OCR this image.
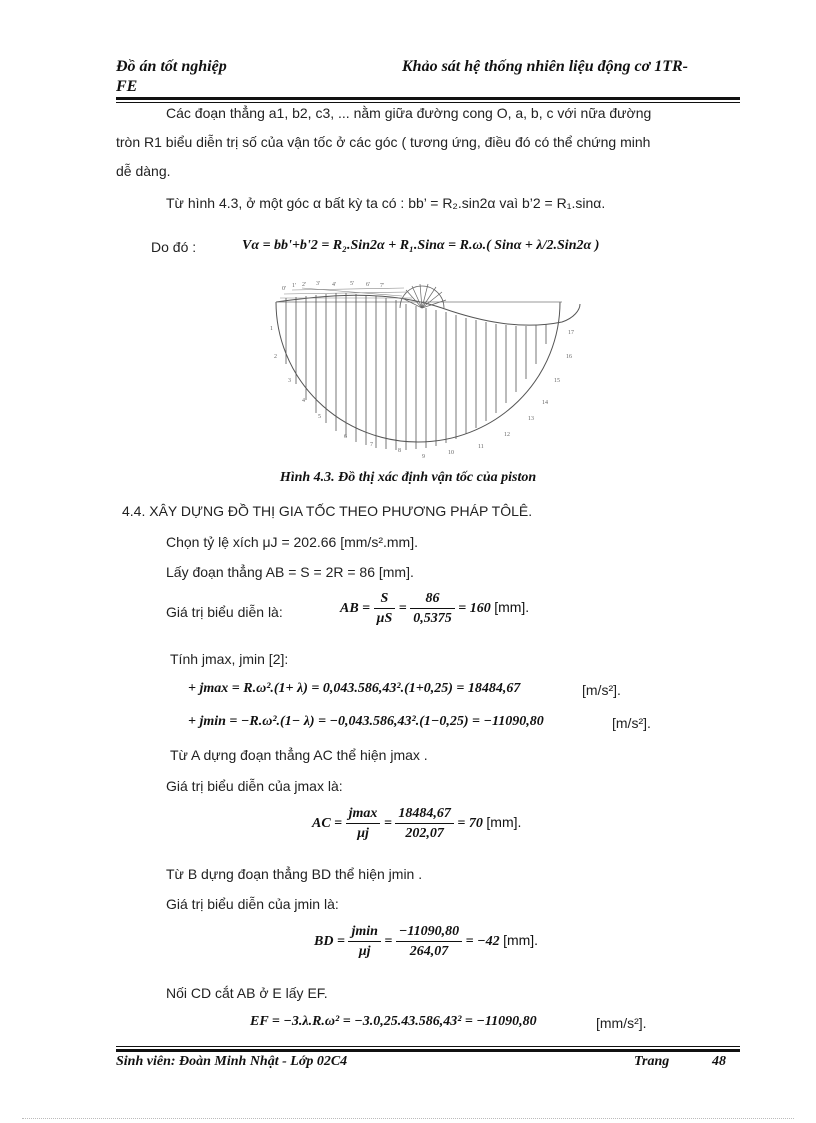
Đồ án tốt nghiệp
FE
Khảo sát hệ thống nhiên liệu động cơ 1TR-
Các đoạn thẳng a1, b2, c3, ... nằm giữa đường cong O, a, b, c với nữa đường
tròn R1 biểu diễn trị số của vận tốc ở các góc ( tương ứng, điều đó có thể chứng minh
dễ dàng.
Từ hình 4.3, ở một góc α bất kỳ ta có : bb’ = R₂.sin2α vaì b’2 = R₁.sinα.
Do đó :	Vα = bb'+b'2 = R₂.Sin2α + R₁.Sinα = R.ω.( Sinα + λ/2.Sin2α )
0' 1' 2' 3' 4' 5' 6' 7'
1
2
3
4
5
6
7
8
9
10
11
12
13
14
15
16
17
Hình 4.3. Đồ thị xác định vận tốc của piston
4.4. XÂY DỰNG ĐỒ THỊ GIA TỐC THEO PHƯƠNG PHÁP TÔLÊ.
Chọn tỷ lệ xích μJ = 202.66 [mm/s².mm].
Lấy đoạn thẳng AB = S = 2R = 86 [mm].
Giá trị biểu diễn là:	AB = $\frac{S}{\mu S} = \frac{86}{0,5375} = 160$ [mm].
Tính jmax, jmin [2]:
+ jmax = R.ω².(1+ λ) = 0,043.586,43².(1+0,25) = 18484,67	[m/s²].
+ jmin = −R.ω².(1− λ) = −0,043.586,43².(1−0,25) = −11090,80	[m/s²].
Từ A dựng đoạn thẳng AC thể hiện jmax .
Giá trị biểu diễn của jmax là:
AC = $\frac{jmax}{\mu j} = \frac{18484,67}{202,07} = 70$ [mm].
Từ B dựng đoạn thẳng BD thể hiện jmin .
Giá trị biểu diễn của jmin là:
BD = $\frac{jmin}{\mu j} = \frac{-11090,80}{264,07} = -42$ [mm].
Nối CD cắt AB ở E lấy EF.
EF = −3.λ.R.ω² = −3.0,25.43.586,43² = −11090,80	[mm/s²].
Sinh viên: Đoàn Minh Nhật - Lớp 02C4	Trang	48
